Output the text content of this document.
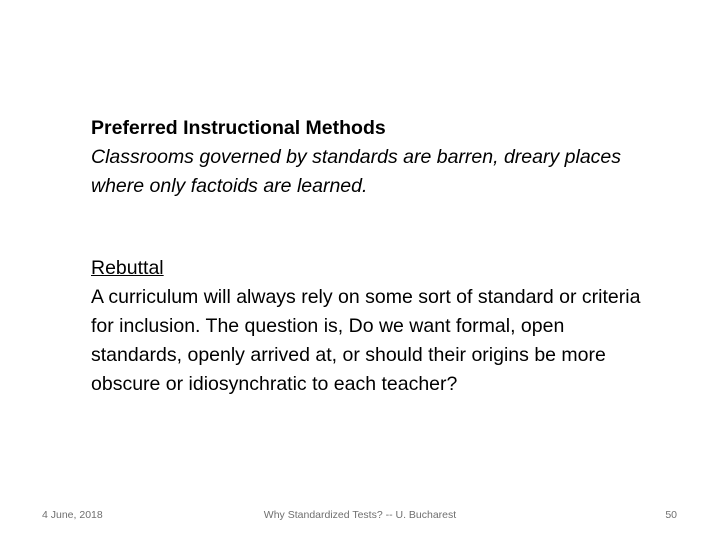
Preferred Instructional Methods

Classrooms governed by standards are barren, dreary places where only factoids are learned.

Rebuttal

A curriculum will always rely on some sort of standard or criteria for inclusion. The question is, Do we want formal, open standards, openly arrived at, or should their origins be more obscure or idiosynchratic to each teacher?

4 June, 2018	Why Standardized Tests? -- U. Bucharest	50
